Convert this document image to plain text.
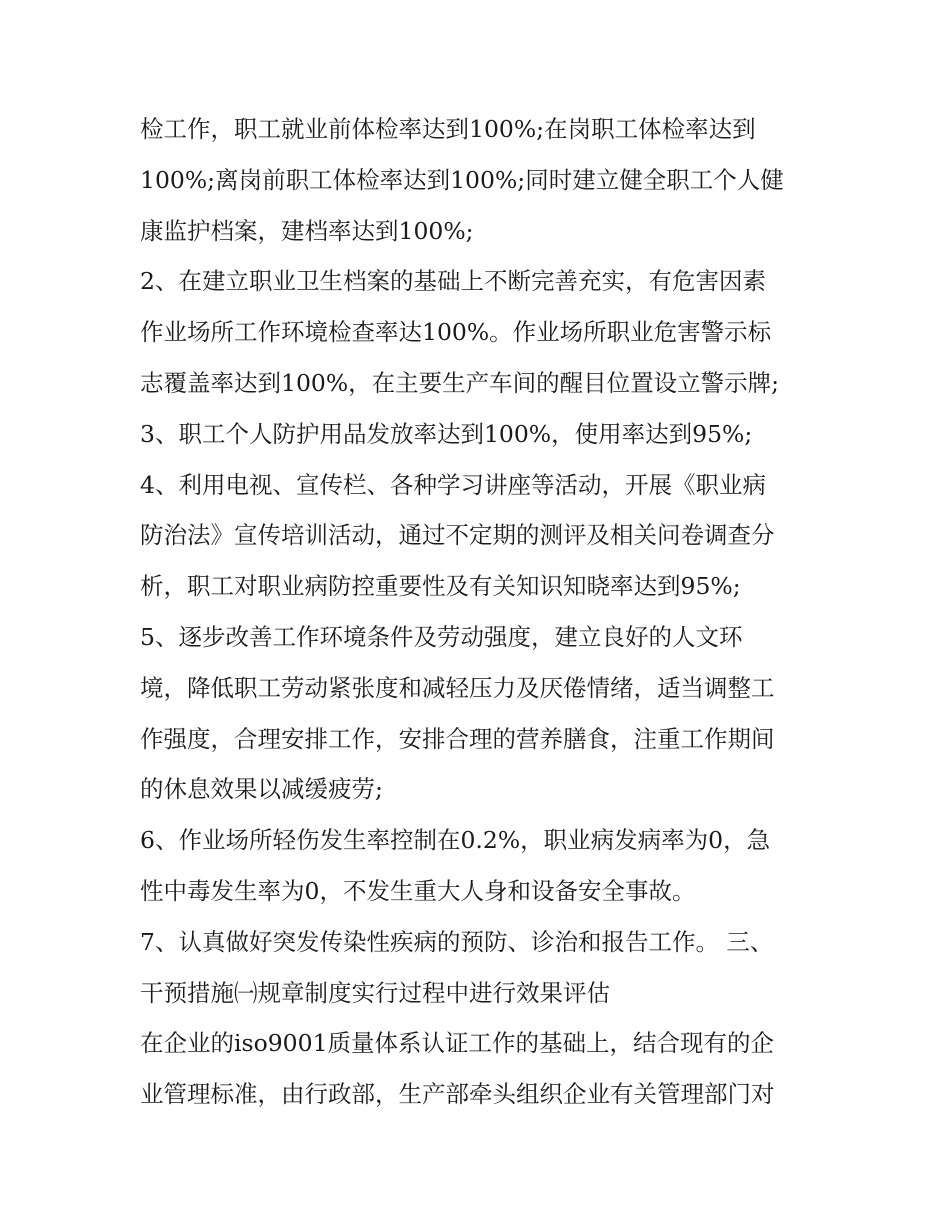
检工作，职工就业前体检率达到100%;在岗职工体检率达到
100%;离岗前职工体检率达到100%;同时建立健全职工个人健
康监护档案，建档率达到100%;
2、在建立职业卫生档案的基础上不断完善充实，有危害因素
作业场所工作环境检查率达100%。作业场所职业危害警示标
志覆盖率达到100%，在主要生产车间的醒目位置设立警示牌;
3、职工个人防护用品发放率达到100%，使用率达到95%;
4、利用电视、宣传栏、各种学习讲座等活动，开展《职业病
防治法》宣传培训活动，通过不定期的测评及相关问卷调查分
析，职工对职业病防控重要性及有关知识知晓率达到95%;
5、逐步改善工作环境条件及劳动强度，建立良好的人文环
境，降低职工劳动紧张度和减轻压力及厌倦情绪，适当调整工
作强度，合理安排工作，安排合理的营养膳食，注重工作期间
的休息效果以减缓疲劳;
6、作业场所轻伤发生率控制在0.2%，职业病发病率为0，急
性中毒发生率为0，不发生重大人身和设备安全事故。
7、认真做好突发传染性疾病的预防、诊治和报告工作。 三、
干预措施㈠规章制度实行过程中进行效果评估
在企业的iso9001质量体系认证工作的基础上，结合现有的企
业管理标准，由行政部，生产部牵头组织企业有关管理部门对
